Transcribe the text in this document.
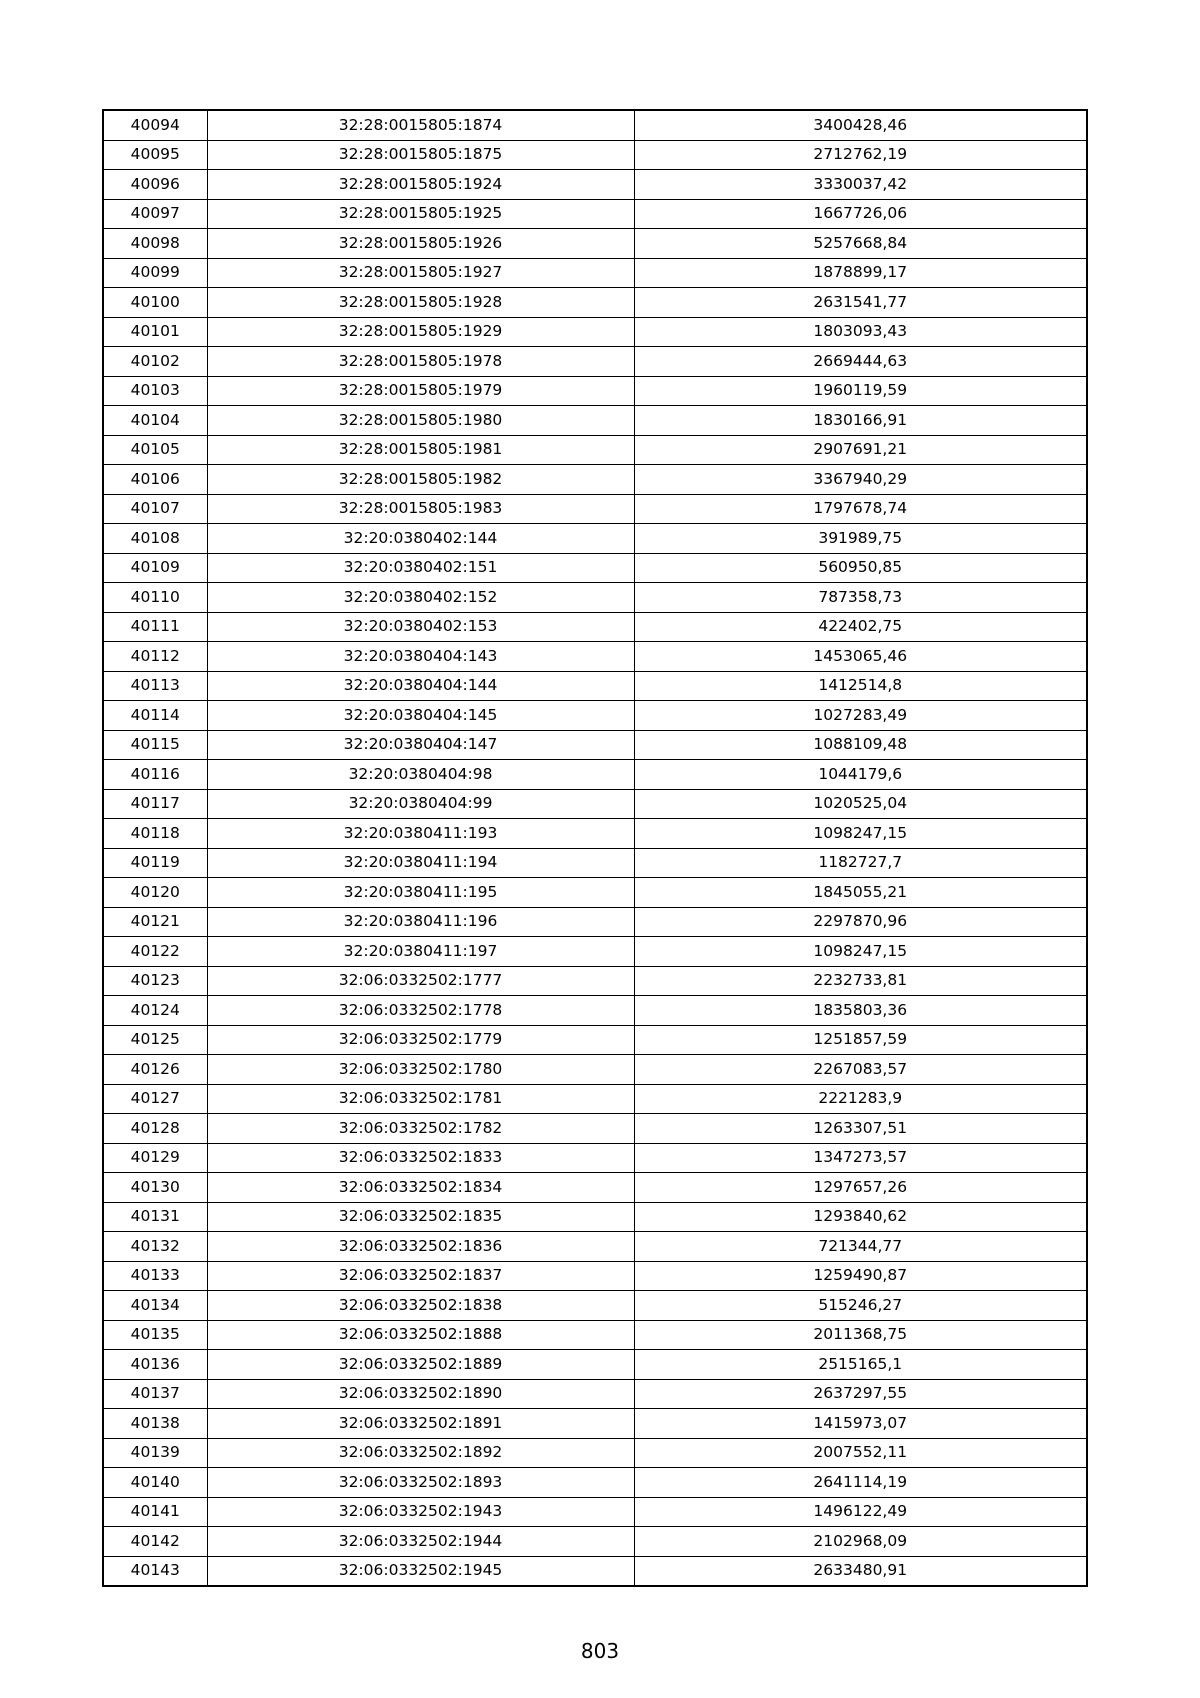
40094	32:28:0015805:1874	3400428,46
40095	32:28:0015805:1875	2712762,19
40096	32:28:0015805:1924	3330037,42
40097	32:28:0015805:1925	1667726,06
40098	32:28:0015805:1926	5257668,84
40099	32:28:0015805:1927	1878899,17
40100	32:28:0015805:1928	2631541,77
40101	32:28:0015805:1929	1803093,43
40102	32:28:0015805:1978	2669444,63
40103	32:28:0015805:1979	1960119,59
40104	32:28:0015805:1980	1830166,91
40105	32:28:0015805:1981	2907691,21
40106	32:28:0015805:1982	3367940,29
40107	32:28:0015805:1983	1797678,74
40108	32:20:0380402:144	391989,75
40109	32:20:0380402:151	560950,85
40110	32:20:0380402:152	787358,73
40111	32:20:0380402:153	422402,75
40112	32:20:0380404:143	1453065,46
40113	32:20:0380404:144	1412514,8
40114	32:20:0380404:145	1027283,49
40115	32:20:0380404:147	1088109,48
40116	32:20:0380404:98	1044179,6
40117	32:20:0380404:99	1020525,04
40118	32:20:0380411:193	1098247,15
40119	32:20:0380411:194	1182727,7
40120	32:20:0380411:195	1845055,21
40121	32:20:0380411:196	2297870,96
40122	32:20:0380411:197	1098247,15
40123	32:06:0332502:1777	2232733,81
40124	32:06:0332502:1778	1835803,36
40125	32:06:0332502:1779	1251857,59
40126	32:06:0332502:1780	2267083,57
40127	32:06:0332502:1781	2221283,9
40128	32:06:0332502:1782	1263307,51
40129	32:06:0332502:1833	1347273,57
40130	32:06:0332502:1834	1297657,26
40131	32:06:0332502:1835	1293840,62
40132	32:06:0332502:1836	721344,77
40133	32:06:0332502:1837	1259490,87
40134	32:06:0332502:1838	515246,27
40135	32:06:0332502:1888	2011368,75
40136	32:06:0332502:1889	2515165,1
40137	32:06:0332502:1890	2637297,55
40138	32:06:0332502:1891	1415973,07
40139	32:06:0332502:1892	2007552,11
40140	32:06:0332502:1893	2641114,19
40141	32:06:0332502:1943	1496122,49
40142	32:06:0332502:1944	2102968,09
40143	32:06:0332502:1945	2633480,91
803
